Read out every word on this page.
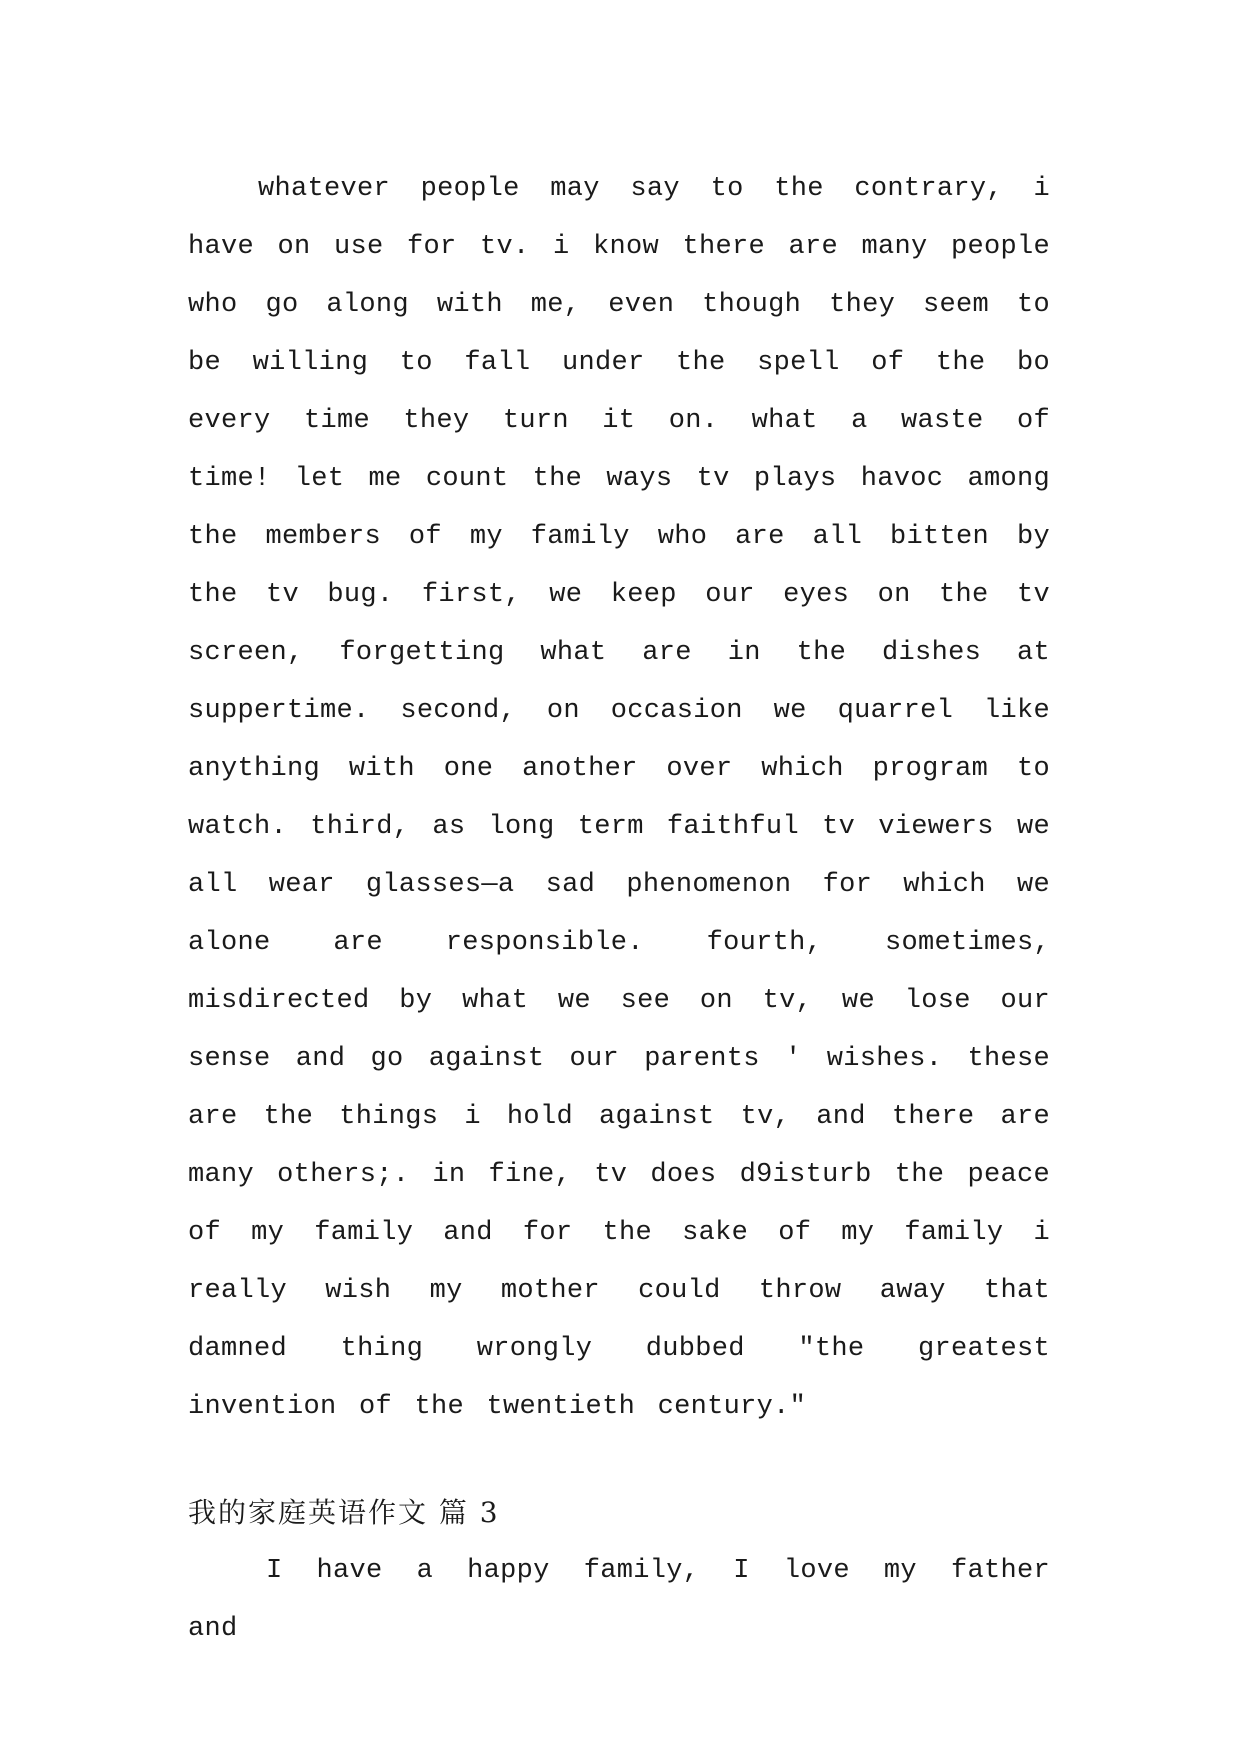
whatever people may say to the contrary, i have on use for tv. i know there are many people who go along with me, even though they seem to be willing to fall under the spell of the bo every time they turn it on. what a waste of time! let me count the ways tv plays havoc among the members of my family who are all bitten by the tv bug. first, we keep our eyes on the tv screen, forgetting what are in the dishes at suppertime. second, on occasion we quarrel like anything with one another over which program to watch. third, as long term faithful tv viewers we all wear glasses—a sad phenomenon for which we alone are responsible. fourth, sometimes, misdirected by what we see on tv, we lose our sense and go against our parents ' wishes. these are the things i hold against tv, and there are many others;. in fine, tv does d9isturb the peace of my family and for the sake of my family i really wish my mother could throw away that damned thing wrongly dubbed "the greatest invention of the twentieth century."

我的家庭英语作文 篇 3

I have a happy family, I love my father and
